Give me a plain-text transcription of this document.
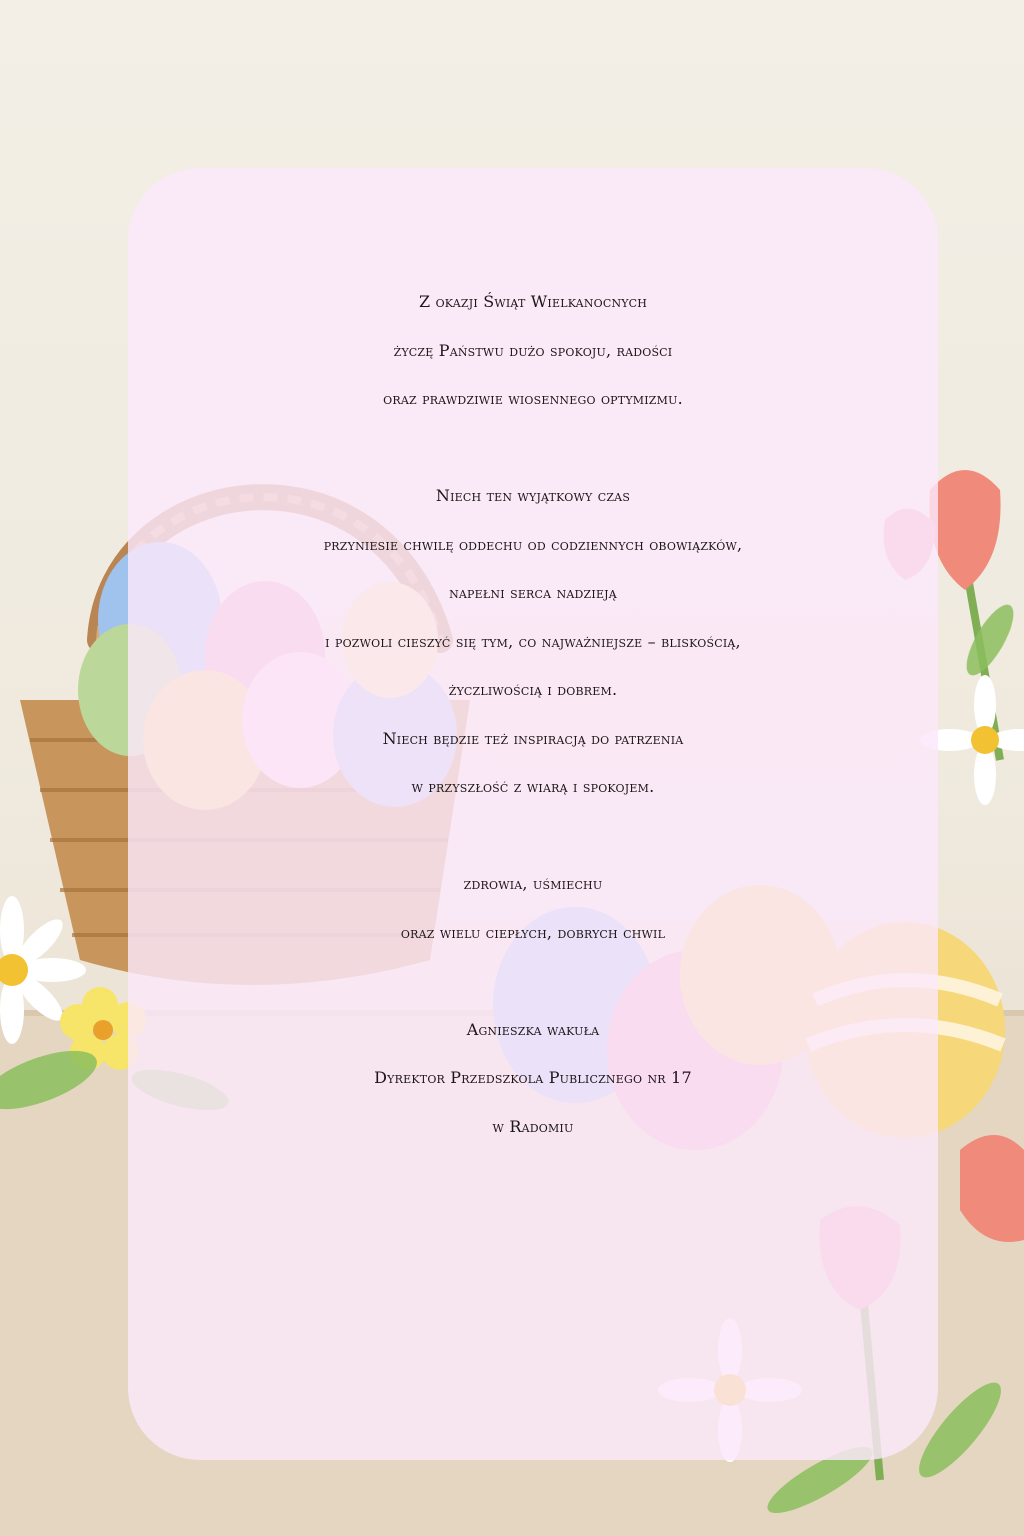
Z okazji Świąt Wielkanocnych
życzę Państwu dużo spokoju, radości
oraz prawdziwie wiosennego optymizmu.
Niech ten wyjątkowy czas
przyniesie chwilę oddechu od codziennych obowiązków,
napełni serca nadzieją
i pozwoli cieszyć się tym, co najważniejsze – bliskością,
życzliwością i dobrem.
Niech będzie też inspiracją do patrzenia
w przyszłość z wiarą i spokojem.
zdrowia, uśmiechu
oraz wielu ciepłych, dobrych chwil
Agnieszka wakuła
Dyrektor Przedszkola Publicznego nr 17
w Radomiu
